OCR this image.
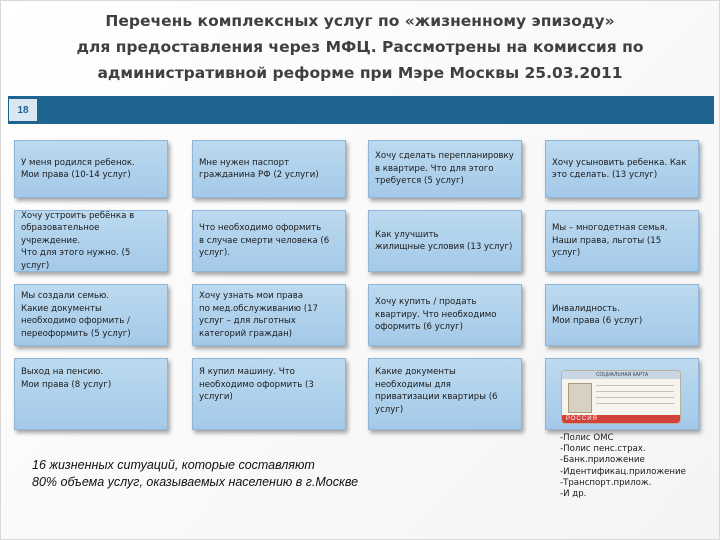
Перечень комплексных услуг по «жизненному эпизоду»
для предоставления через МФЦ. Рассмотрены на комиссия по
административной реформе при Мэре Москвы 25.03.2011
18
У меня родился ребенок.
Мои права (10-14 услуг)
Мне нужен паспорт
гражданина РФ (2 услуги)
Хочу сделать перепланировку
в квартире. Что для этого
требуется (5 услуг)
Хочу усыновить ребенка. Как
это сделать. (13 услуг)
Хочу устроить ребёнка в
образовательное учреждение.
Что для этого нужно. (5 услуг)
Что необходимо оформить
в случае смерти человека (6
услуг).
Как улучшить
жилищные условия (13 услуг)
Мы – многодетная семья.
Наши права, льготы (15 услуг)
Мы создали семью.
Какие документы
необходимо оформить /
переоформить (5 услуг)
Хочу узнать мои права
по мед.обслуживанию (17
услуг – для льготных
категорий граждан)
Хочу купить / продать
квартиру. Что необходимо
оформить (6 услуг)
Инвалидность.
Мои права (6 услуг)
Выход на пенсию.
Мои права (8 услуг)
Я купил машину. Что
необходимо оформить (3
услуги)
Какие документы
необходимы для
приватизации квартиры (6
услуг)
СОЦИАЛЬНАЯ КАРТА
РОССИЯ
-Полис ОМС
-Полис пенс.страх.
-Банк.приложение
-Идентификац.приложение
-Транспорт.прилож.
-И др.
16 жизненных ситуаций, которые составляют
80% объема услуг, оказываемых населению в г.Москве
